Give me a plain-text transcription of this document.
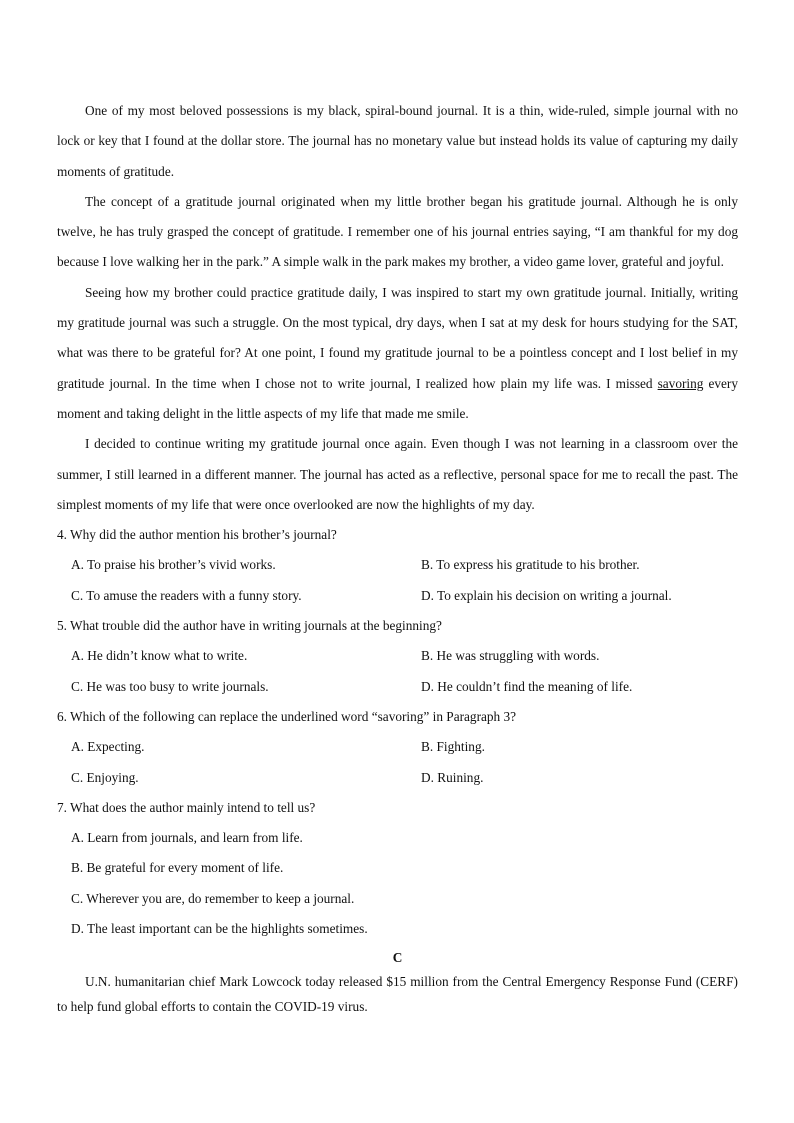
One of my most beloved possessions is my black, spiral-bound journal. It is a thin, wide-ruled, simple journal with no lock or key that I found at the dollar store. The journal has no monetary value but instead holds its value of capturing my daily moments of gratitude.

The concept of a gratitude journal originated when my little brother began his gratitude journal. Although he is only twelve, he has truly grasped the concept of gratitude. I remember one of his journal entries saying, “I am thankful for my dog because I love walking her in the park.” A simple walk in the park makes my brother, a video game lover, grateful and joyful.

Seeing how my brother could practice gratitude daily, I was inspired to start my own gratitude journal. Initially, writing my gratitude journal was such a struggle. On the most typical, dry days, when I sat at my desk for hours studying for the SAT, what was there to be grateful for? At one point, I found my gratitude journal to be a pointless concept and I lost belief in my gratitude journal. In the time when I chose not to write journal, I realized how plain my life was. I missed savoring every moment and taking delight in the little aspects of my life that made me smile.

I decided to continue writing my gratitude journal once again. Even though I was not learning in a classroom over the summer, I still learned in a different manner. The journal has acted as a reflective, personal space for me to recall the past. The simplest moments of my life that were once overlooked are now the highlights of my day.

4. Why did the author mention his brother’s journal?

A. To praise his brother’s vivid works.	B. To express his gratitude to his brother.
C. To amuse the readers with a funny story.	D. To explain his decision on writing a journal.

5. What trouble did the author have in writing journals at the beginning?

A. He didn’t know what to write.	B. He was struggling with words.
C. He was too busy to write journals.	D. He couldn’t find the meaning of life.

6. Which of the following can replace the underlined word “savoring” in Paragraph 3?

A. Expecting.	B. Fighting.
C. Enjoying.	D. Ruining.

7. What does the author mainly intend to tell us?

A. Learn from journals, and learn from life.
B. Be grateful for every moment of life.
C. Wherever you are, do remember to keep a journal.
D. The least important can be the highlights sometimes.
C

U.N. humanitarian chief Mark Lowcock today released $15 million from the Central Emergency Response Fund (CERF) to help fund global efforts to contain the COVID-19 virus.
